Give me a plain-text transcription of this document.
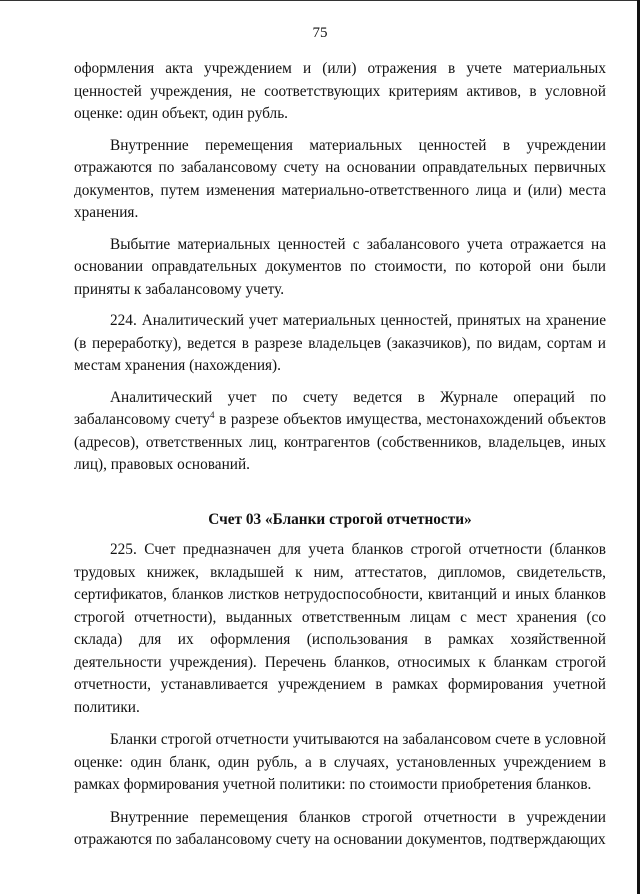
75

оформления акта учреждением и (или) отражения в учете материальных ценностей учреждения, не соответствующих критериям активов, в условной оценке: один объект, один рубль.

Внутренние перемещения материальных ценностей в учреждении отражаются по забалансовому счету на основании оправдательных первичных документов, путем изменения материально-ответственного лица и (или) места хранения.

Выбытие материальных ценностей с забалансового учета отражается на основании оправдательных документов по стоимости, по которой они были приняты к забалансовому учету.

224. Аналитический учет материальных ценностей, принятых на хранение (в переработку), ведется в разрезе владельцев (заказчиков), по видам, сортам и местам хранения (нахождения).

Аналитический учет по счету ведется в Журнале операций по забалансовому счету$^4$ в разрезе объектов имущества, местонахождений объектов (адресов), ответственных лиц, контрагентов (собственников, владельцев, иных лиц), правовых оснований.

Счет 03 «Бланки строгой отчетности»

225. Счет предназначен для учета бланков строгой отчетности (бланков трудовых книжек, вкладышей к ним, аттестатов, дипломов, свидетельств, сертификатов, бланков листков нетрудоспособности, квитанций и иных бланков строгой отчетности), выданных ответственным лицам с мест хранения (со склада) для их оформления (использования в рамках хозяйственной деятельности учреждения). Перечень бланков, относимых к бланкам строгой отчетности, устанавливается учреждением в рамках формирования учетной политики.

Бланки строгой отчетности учитываются на забалансовом счете в условной оценке: один бланк, один рубль, а в случаях, установленных учреждением в рамках формирования учетной политики: по стоимости приобретения бланков.

Внутренние перемещения бланков строгой отчетности в учреждении отражаются по забалансовому счету на основании документов, подтверждающих
